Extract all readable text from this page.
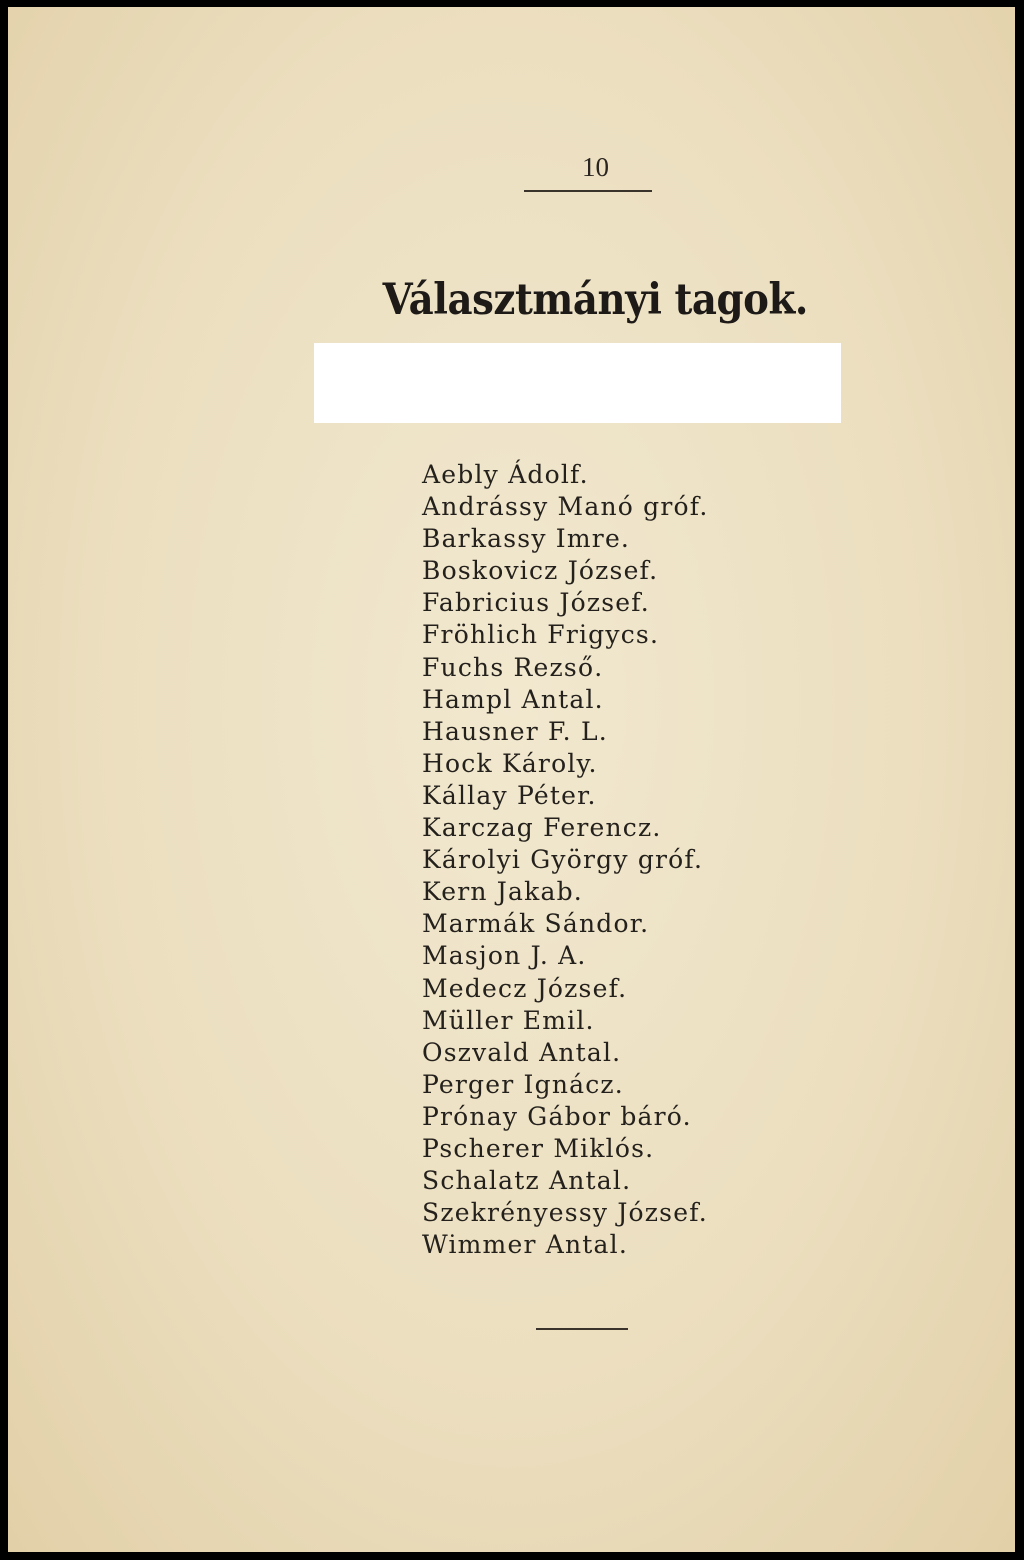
10
Választmányi tagok.
Aebly Ádolf.
Andrássy Manó gróf.
Barkassy Imre.
Boskovicz József.
Fabricius József.
Fröhlich Frigycs.
Fuchs Rezső.
Hampl Antal.
Hausner F. L.
Hock Károly.
Kállay Péter.
Karczag Ferencz.
Károlyi György gróf.
Kern Jakab.
Marmák Sándor.
Masjon J. A.
Medecz József.
Müller Emil.
Oszvald Antal.
Perger Ignácz.
Prónay Gábor báró.
Pscherer Miklós.
Schalatz Antal.
Szekrényessy József.
Wimmer Antal.
